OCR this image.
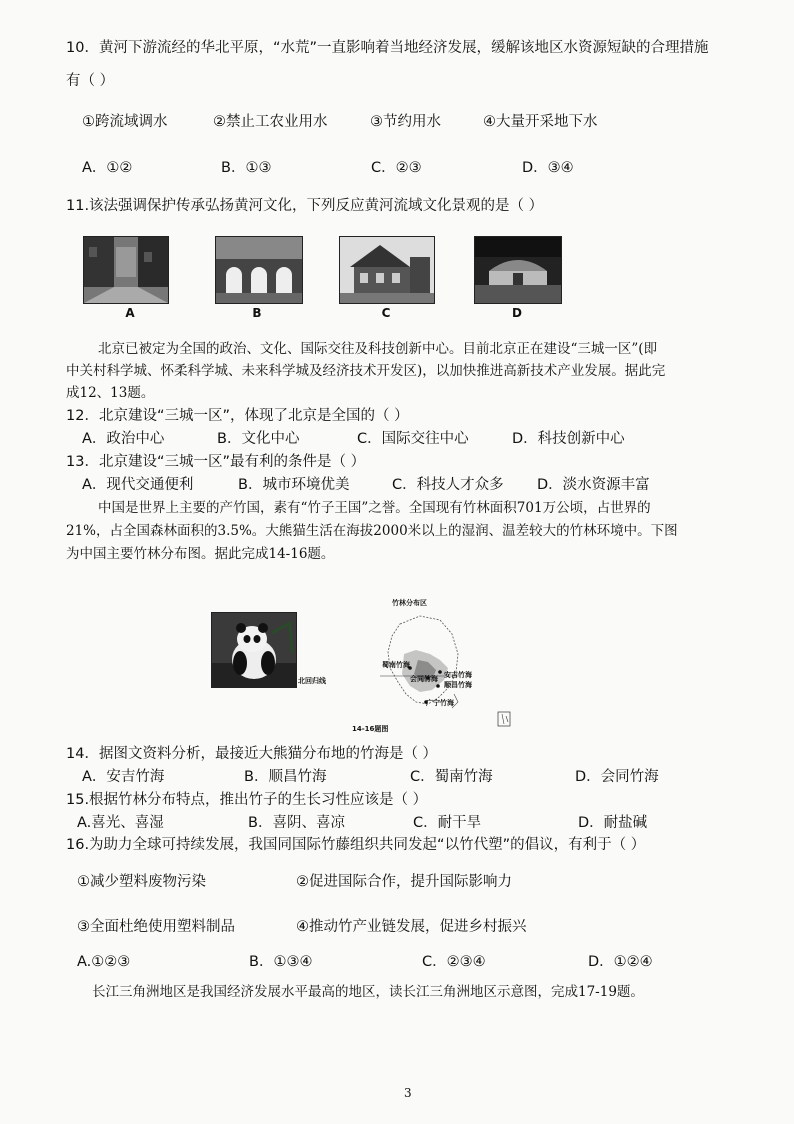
10．黄河下游流经的华北平原，“水荒”一直影响着当地经济发展，缓解该地区水资源短缺的合理措施
有（ ）
①跨流域调水	②禁止工农业用水	③节约用水	④大量开采地下水
A．①②	B．①③	C．②③	D．③④
11.该法强调保护传承弘扬黄河文化，下列反应黄河流域文化景观的是（ ）
A	B	C	D
北京已被定为全国的政治、文化、国际交往及科技创新中心。目前北京正在建设“三城一区”(即
中关村科学城、怀柔科学城、未来科学城及经济技术开发区)，以加快推进高新技术产业发展。据此完
成12、13题。
12．北京建设“三城一区”，体现了北京是全国的（ ）
A．政治中心	B．文化中心	C．国际交往中心	D．科技创新中心
13．北京建设“三城一区”最有利的条件是（ ）
A．现代交通便利	B．城市环境优美	C．科技人才众多 D．淡水资源丰富
中国是世界上主要的产竹国，素有“竹子王国”之誉。全国现有竹林面积701万公顷，占世界的
21%，占全国森林面积的3.5%。大熊猫生活在海拔2000米以上的湿润、温差较大的竹林环境中。下图
为中国主要竹林分布图。据此完成14-16题。
竹林分布区
蜀南竹海
安吉竹海
会同竹海
顺昌竹海
广宁竹海
14-16题图
北回归线
14．据图文资料分析，最接近大熊猫分布地的竹海是（ ）
A．安吉竹海	B．顺昌竹海	C．蜀南竹海	D．会同竹海
15.根据竹林分布特点，推出竹子的生长习性应该是（ ）
A.喜光、喜湿	B．喜阴、喜凉	C．耐干旱	D．耐盐碱
16.为助力全球可持续发展，我国同国际竹藤组织共同发起“以竹代塑”的倡议，有利于（ ）
①减少塑料废物污染	②促进国际合作，提升国际影响力
③全面杜绝使用塑料制品	④推动竹产业链发展，促进乡村振兴
A.①②③	B．①③④	C．②③④	D．①②④
长江三角洲地区是我国经济发展水平最高的地区，读长江三角洲地区示意图，完成17-19题。
3
